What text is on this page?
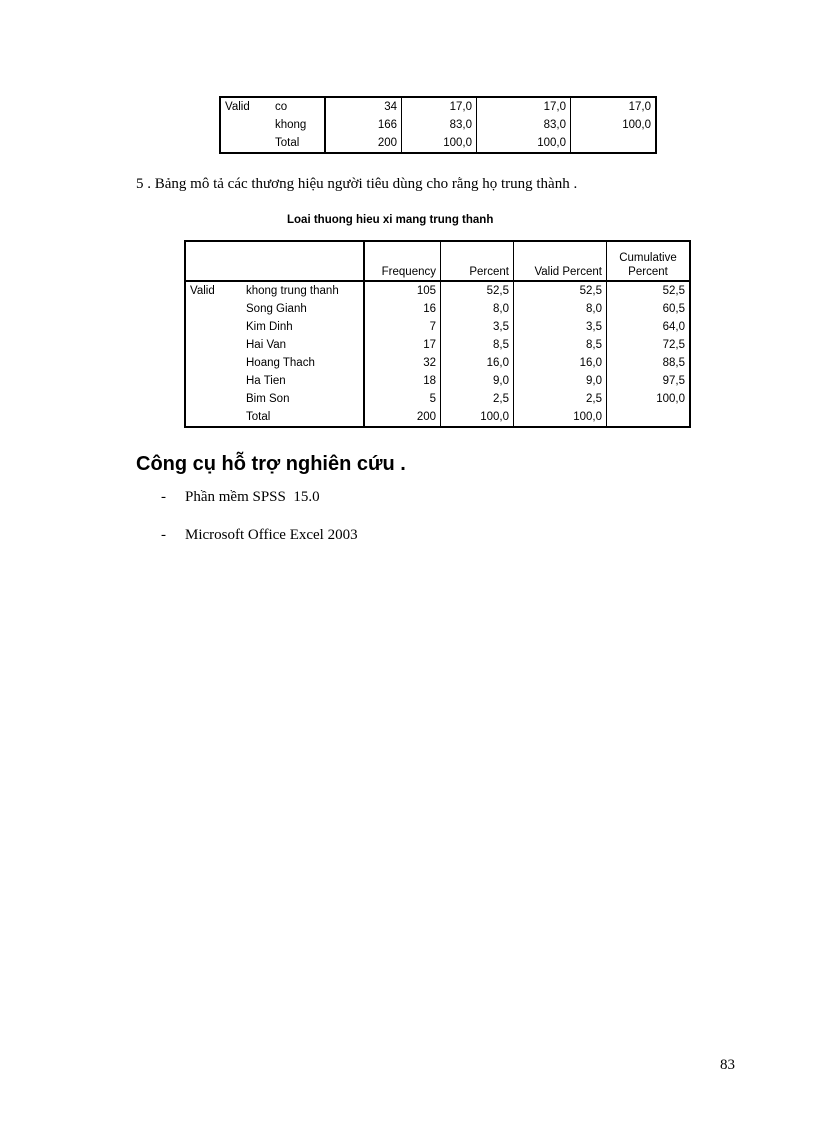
Valid	co	34	17,0	17,0	17,0
	khong	166	83,0	83,0	100,0
	Total	200	100,0	100,0	
5 . Bảng mô tả các thương hiệu người tiêu dùng cho rằng họ trung thành .
Loai thuong hieu xi mang trung thanh
		Frequency	Percent	Valid Percent	Cumulative Percent
Valid	khong trung thanh	105	52,5	52,5	52,5
	Song Gianh	16	8,0	8,0	60,5
	Kim Dinh	7	3,5	3,5	64,0
	Hai Van	17	8,5	8,5	72,5
	Hoang Thach	32	16,0	16,0	88,5
	Ha Tien	18	9,0	9,0	97,5
	Bim Son	5	2,5	2,5	100,0
	Total	200	100,0	100,0	
Công cụ hỗ trợ nghiên cứu .
- Phần mềm SPSS  15.0
- Microsoft Office Excel 2003
83
